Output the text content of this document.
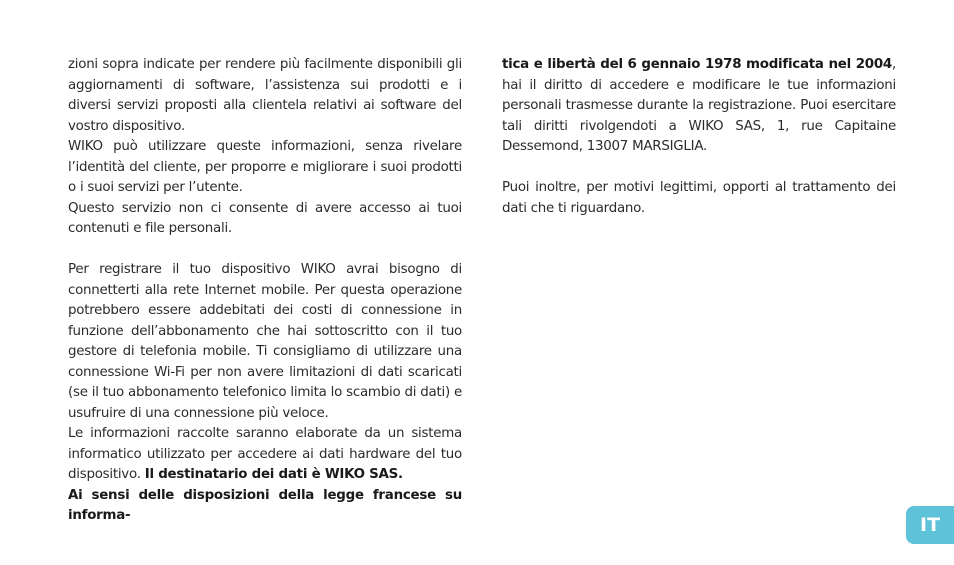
zioni sopra indicate per rendere più facilmente disponibili gli aggiornamenti di software, l’assistenza sui prodotti e i diversi servizi proposti alla clientela relativi ai software del vostro dispositivo.

WIKO può utilizzare queste informazioni, senza rivelare l’identità del cliente, per proporre e migliorare i suoi prodotti o i suoi servizi per l’utente.

Questo servizio non ci consente di avere accesso ai tuoi contenuti e file personali.

Per registrare il tuo dispositivo WIKO avrai bisogno di connetterti alla rete Internet mobile. Per questa operazione potrebbero essere addebitati dei costi di connessione in funzione dell’abbonamento che hai sottoscritto con il tuo gestore di telefonia mobile. Ti consigliamo di utilizzare una connessione Wi-Fi per non avere limitazioni di dati scaricati (se il tuo abbonamento telefonico limita lo scambio di dati) e usufruire di una connessione più veloce.

Le informazioni raccolte saranno elaborate da un sistema informatico utilizzato per accedere ai dati hardware del tuo dispositivo. Il destinatario dei dati è WIKO SAS.

Ai sensi delle disposizioni della legge francese su informa-

tica e libertà del 6 gennaio 1978 modificata nel 2004, hai il diritto di accedere e modificare le tue informazioni personali trasmesse durante la registrazione. Puoi esercitare tali diritti rivolgendoti a WIKO SAS, 1, rue Capitaine Dessemond, 13007 MARSIGLIA.

Puoi inoltre, per motivi legittimi, opporti al trattamento dei dati che ti riguardano.

IT
